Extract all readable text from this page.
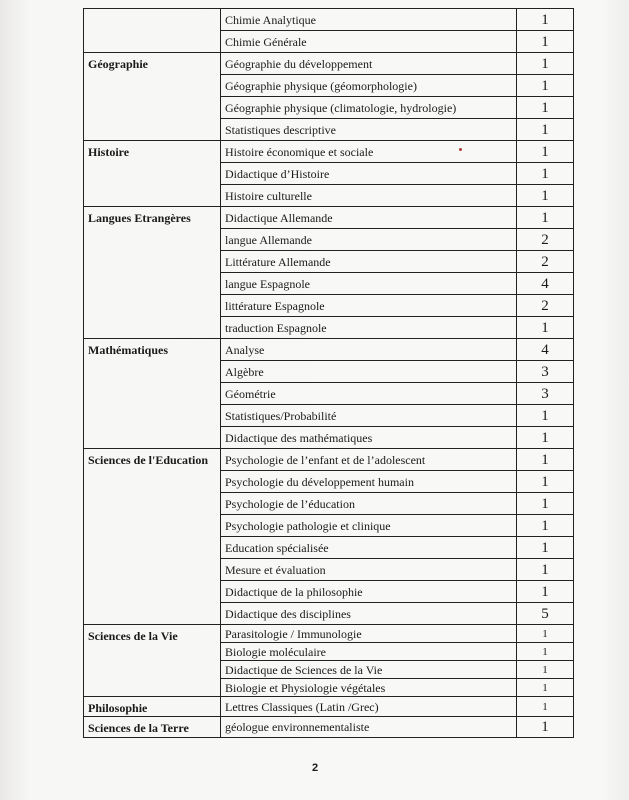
	Chimie Analytique	1
	Chimie Générale	1
Géographie	Géographie du développement	1
	Géographie physique (géomorphologie)	1
	Géographie physique (climatologie, hydrologie)	1
	Statistiques descriptive	1
Histoire	Histoire économique et sociale	1
	Didactique d’Histoire	1
	Histoire culturelle	1
Langues Etrangères	Didactique Allemande	1
	langue Allemande	2
	Littérature Allemande	2
	langue Espagnole	4
	littérature Espagnole	2
	traduction Espagnole	1
Mathématiques	Analyse	4
	Algèbre	3
	Géométrie	3
	Statistiques/Probabilité	1
	Didactique des mathématiques	1
Sciences de l'Education	Psychologie de l’enfant et de l’adolescent	1
	Psychologie du développement humain	1
	Psychologie de l’éducation	1
	Psychologie pathologie et clinique	1
	Education spécialisée	1
	Mesure et évaluation	1
	Didactique de la philosophie	1
	Didactique des disciplines	5
Sciences de la Vie	Parasitologie / Immunologie	1
	Biologie moléculaire	1
	Didactique de Sciences de la Vie	1
	Biologie et Physiologie végétales	1
Philosophie	Lettres Classiques (Latin /Grec)	1
Sciences de la Terre	géologue environnementaliste	1
2
